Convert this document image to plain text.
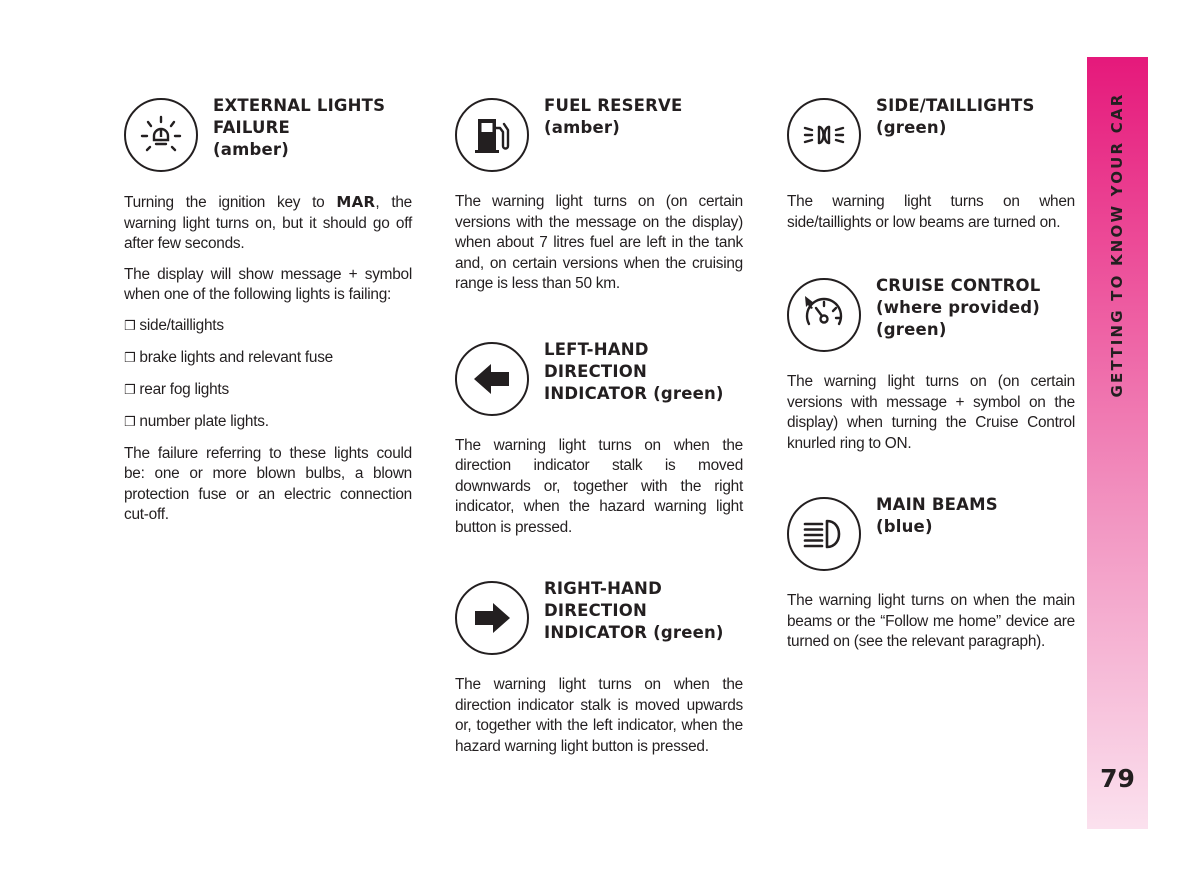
EXTERNAL LIGHTS
FAILURE
(amber)

Turning the ignition key to MAR, the warning light turns on, but it should go off after few seconds.

The display will show message + symbol when one of the following lights is failing:

❒ side/taillights
❒ brake lights and relevant fuse
❒ rear fog lights
❒ number plate lights.

The failure referring to these lights could be: one or more blown bulbs, a blown protection fuse or an electric connection cut-off.

FUEL RESERVE
(amber)

The warning light turns on (on certain versions with the message on the display) when about 7 litres fuel are left in the tank and, on certain versions when the cruising range is less than 50 km.

LEFT-HAND
DIRECTION
INDICATOR (green)

The warning light turns on when the direction indicator stalk is moved downwards or, together with the right indicator, when the hazard warning light button is pressed.

RIGHT-HAND
DIRECTION
INDICATOR (green)

The warning light turns on when the direction indicator stalk is moved upwards or, together with the left indicator, when the hazard warning light button is pressed.

SIDE/TAILLIGHTS
(green)

The warning light turns on when side/taillights or low beams are turned on.

CRUISE CONTROL
(where provided)
(green)

The warning light turns on (on certain versions with message + symbol on the display) when turning the Cruise Control knurled ring to ON.

MAIN BEAMS
(blue)

The warning light turns on when the main beams or the “Follow me home” device are turned on (see the relevant paragraph).

GETTING TO KNOW YOUR CAR
79
